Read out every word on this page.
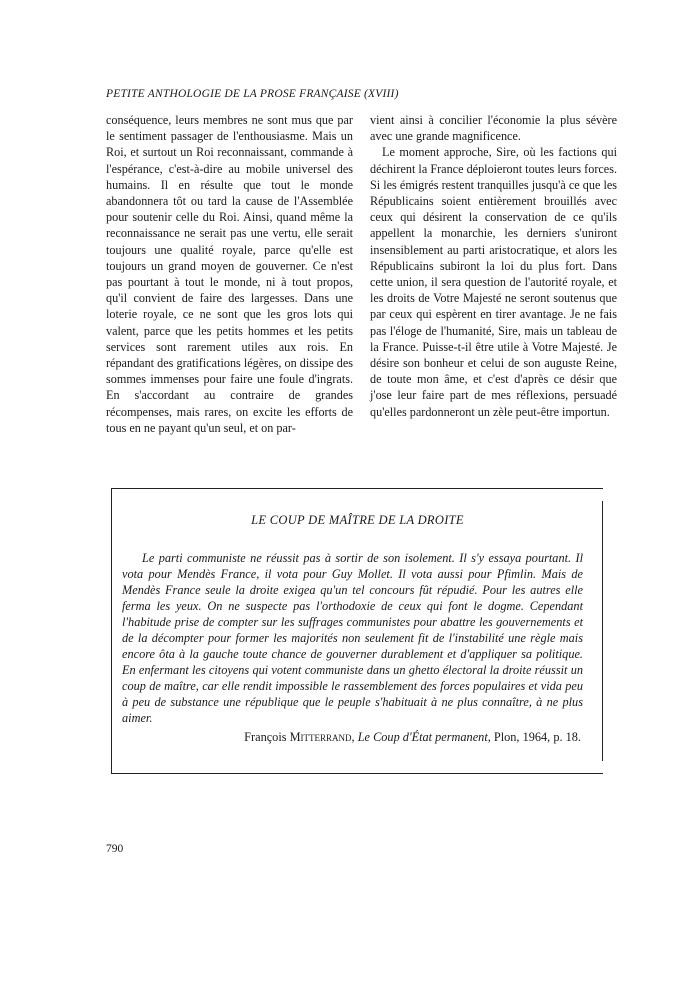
PETITE ANTHOLOGIE DE LA PROSE FRANÇAISE (XVIII)

conséquence, leurs membres ne sont mus que par le sentiment passager de l'enthousiasme. Mais un Roi, et surtout un Roi reconnaissant, commande à l'espérance, c'est-à-dire au mobile universel des humains. Il en résulte que tout le monde abandonnera tôt ou tard la cause de l'Assemblée pour soutenir celle du Roi. Ainsi, quand même la reconnaissance ne serait pas une vertu, elle serait toujours une qualité royale, parce qu'elle est toujours un grand moyen de gouverner. Ce n'est pas pourtant à tout le monde, ni à tout propos, qu'il convient de faire des largesses. Dans une loterie royale, ce ne sont que les gros lots qui valent, parce que les petits hommes et les petits services sont rarement utiles aux rois. En répandant des gratifications légères, on dissipe des sommes immenses pour faire une foule d'ingrats. En s'accordant au contraire de grandes récompenses, mais rares, on excite les efforts de tous en ne payant qu'un seul, et on par-

vient ainsi à concilier l'économie la plus sévère avec une grande magnificence.

Le moment approche, Sire, où les factions qui déchirent la France déploieront toutes leurs forces. Si les émigrés restent tranquilles jusqu'à ce que les Républicains soient entièrement brouillés avec ceux qui désirent la conservation de ce qu'ils appellent la monarchie, les derniers s'uniront insensiblement au parti aristocratique, et alors les Républicains subiront la loi du plus fort. Dans cette union, il sera question de l'autorité royale, et les droits de Votre Majesté ne seront soutenus que par ceux qui espèrent en tirer avantage. Je ne fais pas l'éloge de l'humanité, Sire, mais un tableau de la France. Puisse-t-il être utile à Votre Majesté. Je désire son bonheur et celui de son auguste Reine, de toute mon âme, et c'est d'après ce désir que j'ose leur faire part de mes réflexions, persuadé qu'elles pardonneront un zèle peut-être importun.

LE COUP DE MAÎTRE DE LA DROITE

Le parti communiste ne réussit pas à sortir de son isolement. Il s'y essaya pourtant. Il vota pour Mendès France, il vota pour Guy Mollet. Il vota aussi pour Pfimlin. Mais de Mendès France seule la droite exigea qu'un tel concours fût répudié. Pour les autres elle ferma les yeux. On ne suspecte pas l'orthodoxie de ceux qui font le dogme. Cependant l'habitude prise de compter sur les suffrages communistes pour abattre les gouvernements et de la décompter pour former les majorités non seulement fit de l'instabilité une règle mais encore ôta à la gauche toute chance de gouverner durablement et d'appliquer sa politique. En enfermant les citoyens qui votent communiste dans un ghetto électoral la droite réussit un coup de maître, car elle rendit impossible le rassemblement des forces populaires et vida peu à peu de substance une république que le peuple s'habituait à ne plus connaître, à ne plus aimer.

François Mitterrand, Le Coup d'État permanent, Plon, 1964, p. 18.
790
